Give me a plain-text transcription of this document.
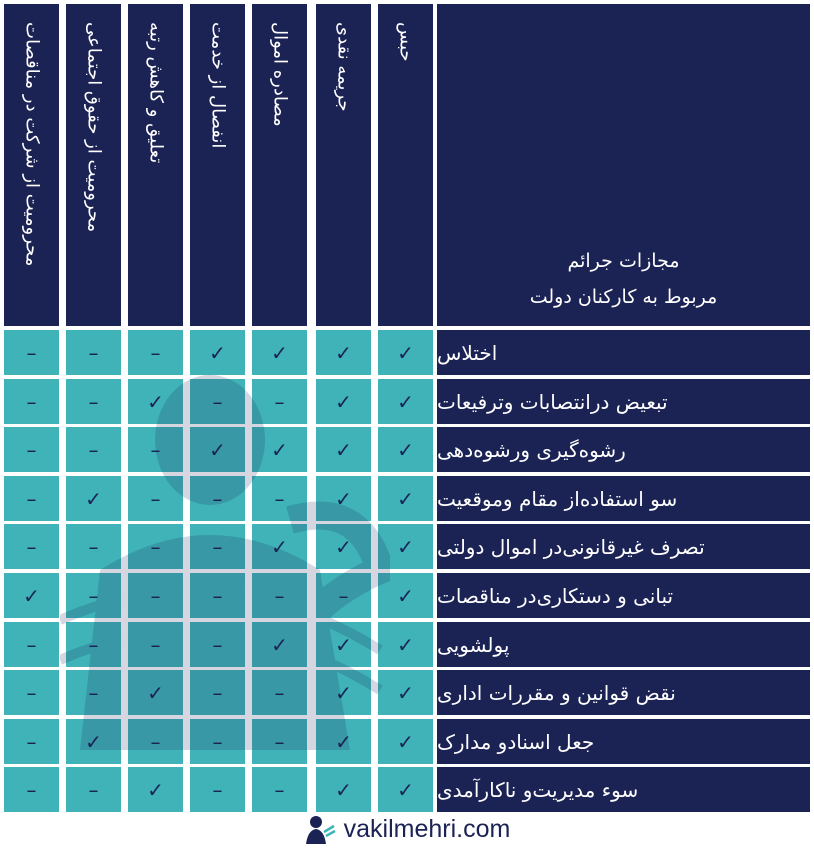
مجازات جرائم
مربوط به کارکنان دولت
حبس
جریمه نقدی
مصادره اموال
انفصال از خدمت
تعلیق و کاهش رتبه
محرومیت از حقوق اجتماعی
محرومیت از شرکت در مناقصات
اختلاس
✓
✓
✓
✓
–
–
–
تبعیض درانتصابات وترفیعات
✓
✓
–
–
✓
–
–
رشوه‌گیری ورشوه‌دهی
✓
✓
✓
✓
–
–
–
سو استفاده‌از مقام وموقعیت
✓
✓
–
–
–
✓
–
تصرف غیرقانونی‌در اموال دولتی
✓
✓
✓
–
–
–
–
تبانی و دستکاری‌در مناقصات
✓
–
–
–
–
–
✓
پولشویی
✓
✓
✓
–
–
–
–
نقض قوانین و مقررات اداری
✓
✓
–
–
✓
–
–
جعل اسنادو مدارک
✓
✓
–
–
–
✓
–
سوء مدیریت‌و ناکارآمدی
✓
✓
–
–
✓
–
–
vakilmehri.com
